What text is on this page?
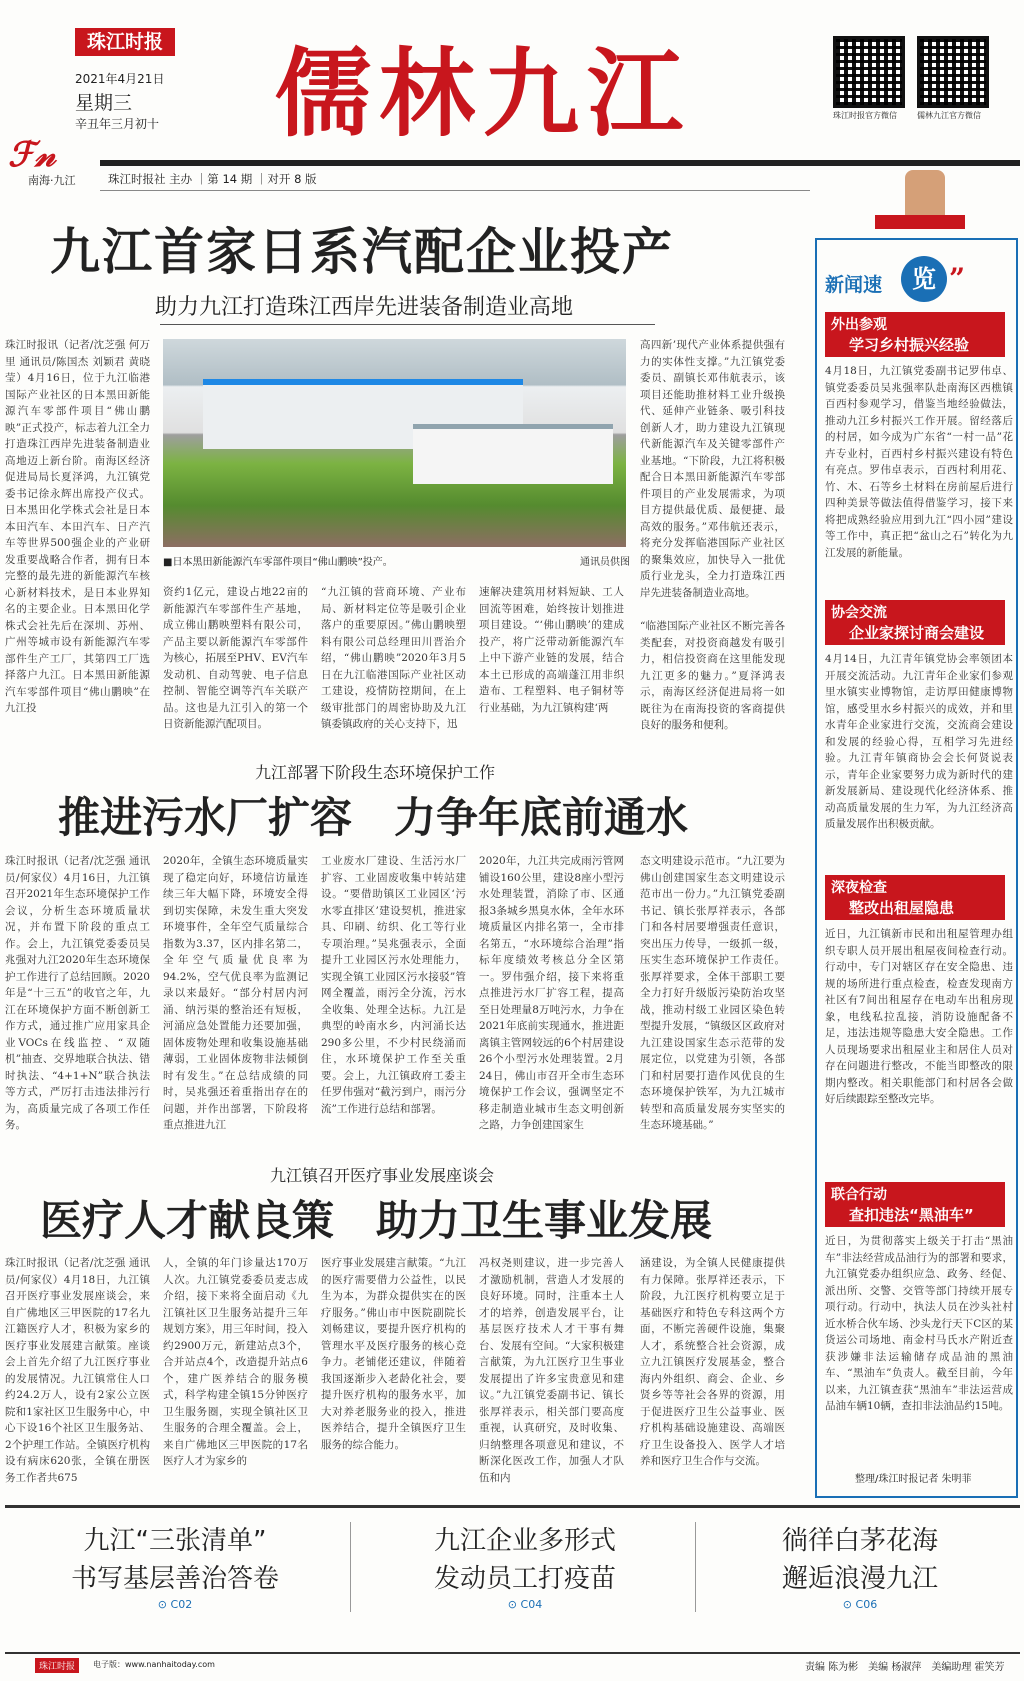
珠江时报
2021年4月21日
星期三
辛丑年三月初十 儒林九江	珠江时报官方微信	儒林九江官方微信
ℱ𝓃
南海·九江	珠江时报社 主办 ｜第 14 期 ｜对开 8 版
九江首家日系汽配企业投产
助力九江打造珠江西岸先进装备制造业高地
珠江时报讯（记者/沈芝强 何万里 通讯员/陈国杰 刘颖君 黄晓莹）4月16日，位于九江临港国际产业社区的日本黑田新能源汽车零部件项目“佛山鹏映”正式投产，标志着九江全力打造珠江西岸先进装备制造业高地迈上新台阶。南海区经济促进局局长夏泽鸿，九江镇党委书记徐永辉出席投产仪式。日本黑田化学株式会社是日本本田汽车、本田汽车、日产汽车等世界500强企业的产业研发重要战略合作者，拥有日本完整的最先进的新能源汽车核心新材料技术，是日本业界知名的主要企业。日本黑田化学株式会社先后在深圳、苏州、广州等城市设有新能源汽车零部件生产工厂，其第四工厂选择落户九江。日本黑田新能源汽车零部件项目“佛山鹏映”在九江投
■日本黑田新能源汽车零部件项目“佛山鹏映”投产。	通讯员供图
资约1亿元，建设占地22亩的新能源汽车零部件生产基地，成立佛山鹏映塑料有限公司，产品主要以新能源汽车零部件为核心，拓展至PHV、EV汽车发动机、自动驾驶、电子信息控制、智能空调等汽车关联产品。这也是九江引入的第一个日资新能源汽配项目。
“九江镇的营商环境、产业布局、新材料定位等是吸引企业落户的重要原因。”佛山鹏映塑料有限公司总经理田川晋治介绍，“佛山鹏映”2020年3月5日在九江临港国际产业社区动工建设，疫情防控期间，在上级审批部门的周密协助及九江镇委镇政府的关心支持下，迅
速解决建筑用材料短缺、工人回流等困难，始终按计划推进项目建设。“‘佛山鹏映’的建成投产，将广泛带动新能源汽车上中下游产业链的发展，结合本土已形成的高端蓬江用非织造布、工程塑料、电子铜材等行业基础，为九江镇构建‘两
高四新’现代产业体系提供强有力的实体性支撑。”九江镇党委委员、副镇长邓伟航表示，该项目还能助推材料工业升级换代、延伸产业链条、吸引科技创新人才，助力建设九江镇现代新能源汽车及关键零部件产业基地。“下阶段，九江将积极配合日本黑田新能源汽车零部件项目的产业发展需求，为项目方提供最优质、最便捷、最高效的服务。”邓伟航还表示，将充分发挥临港国际产业社区的聚集效应，加快导入一批优质行业龙头，全力打造珠江西岸先进装备制造业高地。
“临港国际产业社区不断完善各类配套，对投资商越发有吸引力，相信投资商在这里能发现九江更多的魅力。”夏泽鸿表示，南海区经济促进局将一如既往为在南海投资的客商提供良好的服务和便利。
九江部署下阶段生态环境保护工作
推进污水厂扩容　力争年底前通水
珠江时报讯（记者/沈芝强 通讯员/何家仪）4月16日，九江镇召开2021年生态环境保护工作会议，分析生态环境质量状况，并布置下阶段的重点工作。会上，九江镇党委委员吴兆强对九江2020年生态环境保护工作进行了总结回顾。2020年是“十三五”的收官之年，九江在环境保护方面不断创新工作方式，通过推广应用家具企业VOCs在线监控、“双随机”抽查、交界地联合执法、错时执法、“4+1+N”联合执法等方式，严厉打击违法排污行为，高质量完成了各项工作任务。
2020年，全镇生态环境质量实现了稳定向好，环境信访量连续三年大幅下降，环境安全得到切实保障，未发生重大突发环境事件，全年空气质量综合指数为3.37，区内排名第二，全年空气质量优良率为94.2%，空气优良率为监测记录以来最好。“部分村居内河涌、纳污渠的整治还有短板，河涌应急处置能力还要加强，固体废物处理和收集设施基础薄弱，工业固体废物非法倾倒时有发生。”在总结成绩的同时，吴兆强还着重指出存在的问题，并作出部署，下阶段将重点推进九江
工业废水厂建设、生活污水厂扩容、工业固废收集中转站建设。“要借助镇区工业园区‘污水零直排区’建设契机，推进家具、印刷、纺织、化工等行业专项治理。”吴兆强表示，全面提升工业园区污水处理能力，实现全镇工业园区污水接驳”管网全覆盖，雨污全分流，污水全收集、处理全达标。九江是典型的岭南水乡，内河涌长达290多公里，不少村民绕涌而住，水环境保护工作至关重要。会上，九江镇政府工委主任罗伟强对“截污到户，雨污分流”工作进行总结和部署。
2020年，九江共完成雨污管网铺设160公里，建设8座小型污水处理装置，消除了市、区通报3条城乡黑臭水体，全年水环境质量区内排名第一，全市排名第五，“水环境综合治理”指标年度绩效考核总分全区第一。罗伟强介绍，接下来将重点推进污水厂扩容工程，提高至日处理量8万吨污水，力争在2021年底前实现通水，推进距离镇主管网较远的6个村居建设26个小型污水处理装置。2月24日，佛山市召开全市生态环境保护工作会议，强调坚定不移走制造业城市生态文明创新之路，力争创建国家生
态文明建设示范市。“九江要为佛山创建国家生态文明建设示范市出一份力。”九江镇党委副书记、镇长张厚祥表示，各部门和各村居要增强责任意识，突出压力传导，一级抓一级，压实生态环境保护工作责任。张厚祥要求，全体干部职工要全力打好升级版污染防治攻坚战，推动村级工业园区染色转型提升发展，“镇级区区政府对九江建设国家生态示范带的发展定位，以党建为引领，各部门和村居要打造作风优良的生态环境保护铁军，为九江城市转型和高质量发展夯实坚实的生态环境基础。”
九江镇召开医疗事业发展座谈会
医疗人才献良策　助力卫生事业发展
珠江时报讯（记者/沈芝强 通讯员/何家仪）4月18日，九江镇召开医疗事业发展座谈会，来自广佛地区三甲医院的17名九江籍医疗人才，积极为家乡的医疗事业发展建言献策。座谈会上首先介绍了九江医疗事业的发展情况。九江镇常住人口约24.2万人，设有2家公立医院和1家社区卫生服务中心，中心下设16个社区卫生服务站、2个护理工作站。全镇医疗机构设有病床620张，全镇在册医务工作者共675
人，全镇的年门诊量达170万人次。九江镇党委委员麦志成介绍，接下来将全面启动《九江镇社区卫生服务站提升三年规划方案》，用三年时间，投入约2900万元，新建站点3个，合并站点4个，改造提升站点6个，建广医养结合的服务模式，科学构建全镇15分钟医疗卫生服务圈，实现全镇社区卫生服务的合理全覆盖。会上，来自广佛地区三甲医院的17名医疗人才为家乡的
医疗事业发展建言献策。“九江的医疗需要借力公益性，以民生为本，为群众提供实在的医疗服务。”佛山市中医院副院长刘畅建议，要提升医疗机构的管理水平及医疗服务的核心竞争力。老铺佬还建议，伴随着我国逐渐步入老龄化社会，要提升医疗机构的服务水平，加大对养老服务业的投入，推进医养结合，提升全镇医疗卫生服务的综合能力。
冯权尧则建议，进一步完善人才激励机制，营造人才发展的良好环境。同时，注重本土人才的培养，创造发展平台，让基层医疗技术人才干事有舞台、发展有空间。“大家积极建言献策，为九江医疗卫生事业发展提出了许多宝贵意见和建议。”九江镇党委副书记、镇长张厚祥表示，相关部门要高度重视，认真研究，及时收集、归纳整理各项意见和建议，不断深化医改工作，加强人才队伍和内
涵建设，为全镇人民健康提供有力保障。张厚祥还表示，下阶段，九江医疗机构要立足于基础医疗和特色专科这两个方面，不断完善硬件设施，集聚人才，系统整合社会资源，成立九江镇医疗发展基金，整合海内外组织、商会、企业、乡贤乡等等社会各界的资源，用于促进医疗卫生公益事业、医疗机构基础设施建设、高端医疗卫生设备投入、医学人才培养和医疗卫生合作与交流。
新闻速	览 ”
外出参观
学习乡村振兴经验
4月18日，九江镇党委副书记罗伟卓、镇党委委员吴兆强率队赴南海区西樵镇百西村参观学习，借鉴当地经验做法，推动九江乡村振兴工作开展。留经落后的村居，如今成为广东省“一村一品”花卉专业村，百西村乡村振兴建设有特色有亮点。罗伟卓表示，百西村利用花、竹、木、石等乡土材料在房前屋后进行四种美景等做法值得借鉴学习，接下来将把成熟经验应用到九江“四小园”建设等工作中，真正把“盆山之石”转化为九江发展的新能量。
协会交流
企业家探讨商会建设
4月14日，九江青年镇党协会率领团本开展交流活动。九江青年企业家们参观里水镇实业博物馆，走访厚田健康博物馆，感受里水乡村振兴的成效，并和里水青年企业家进行交流，交流商会建设和发展的经验心得，互相学习先进经验。九江青年镇商协会会长何贤说表示，青年企业家要努力成为新时代的建新发展新局、建设现代化经济体系、推动高质量发展的生力军，为九江经济高质量发展作出积极贡献。
深夜检查
整改出租屋隐患
近日，九江镇新市民和出租屋管理办组织专职人员开展出租屋夜间检查行动。行动中，专门对辖区存在安全隐患、违规的场所进行重点检查，检查发现南方社区有7间出租屋存在电动车出租房现象，电线私拉乱接，消防设施配备不足，违法违规等隐患大安全隐患。工作人员现场要求出租屋业主和居住人员对存在问题进行整改，不能当即整改的限期内整改。相关职能部门和村居各会做好后续跟踪至整改完毕。
联合行动
查扣违法“黑油车”
近日，为贯彻落实上级关于打击“黑油车”非法经营成品油行为的部署和要求，九江镇党委办组织应急、政务、经促、派出所、交警、交管等部门持续开展专项行动。行动中，执法人员在沙头社村近水桥合伙车场、沙头龙行天下C区的某货运公司场地、南金村马氏水产附近查获涉嫌非法运输储存成品油的黑油车、“黑油车”负责人。截至目前，今年以来，九江镇查获“黑油车”非法运营成品油车辆10辆，查扣非法油品约15吨。
整理/珠江时报记者 朱明菲
九江“三张清单”
书写基层善治答卷
⊙ C02
九江企业多形式
发动员工打疫苗
⊙ C04
徜徉白茅花海
邂逅浪漫九江
⊙ C06
珠江时报	电子版：www.nanhaitoday.com	责编 陈为彬　美编 杨淑萍　美编助理 霍笑芳
